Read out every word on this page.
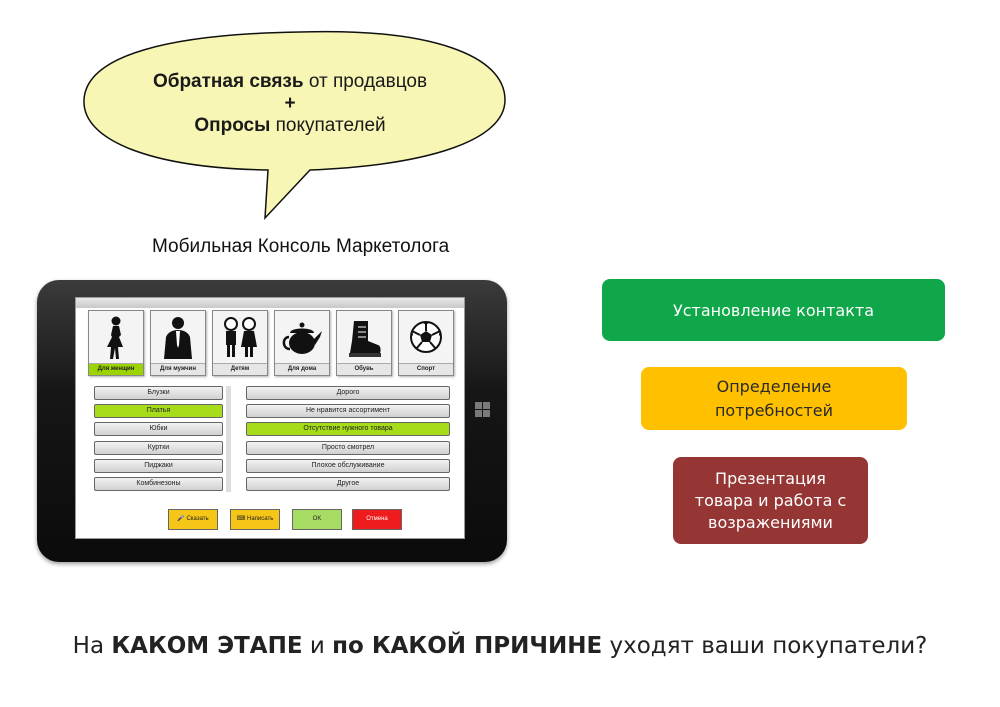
Обратная связь от продавцов
+
Опросы покупателей
Мобильная Консоль Маркетолога
Для женщин	Для мужчин	Детям	Для дома	Обувь	Спорт
Блузки
Платья
Юбки
Куртки
Пиджаки
Комбинезоны
Дорого
Не нравится ассортимент
Отсутствие нужного товара
Просто смотрел
Плохое обслуживание
Другое
🎤 Сказать	⌨ Написать	OK	Отмена
Установление контакта
Определение
потребностей
Презентация
товара и работа с
возражениями
На КАКОМ ЭТАПЕ и по КАКОЙ ПРИЧИНЕ уходят ваши покупатели?
